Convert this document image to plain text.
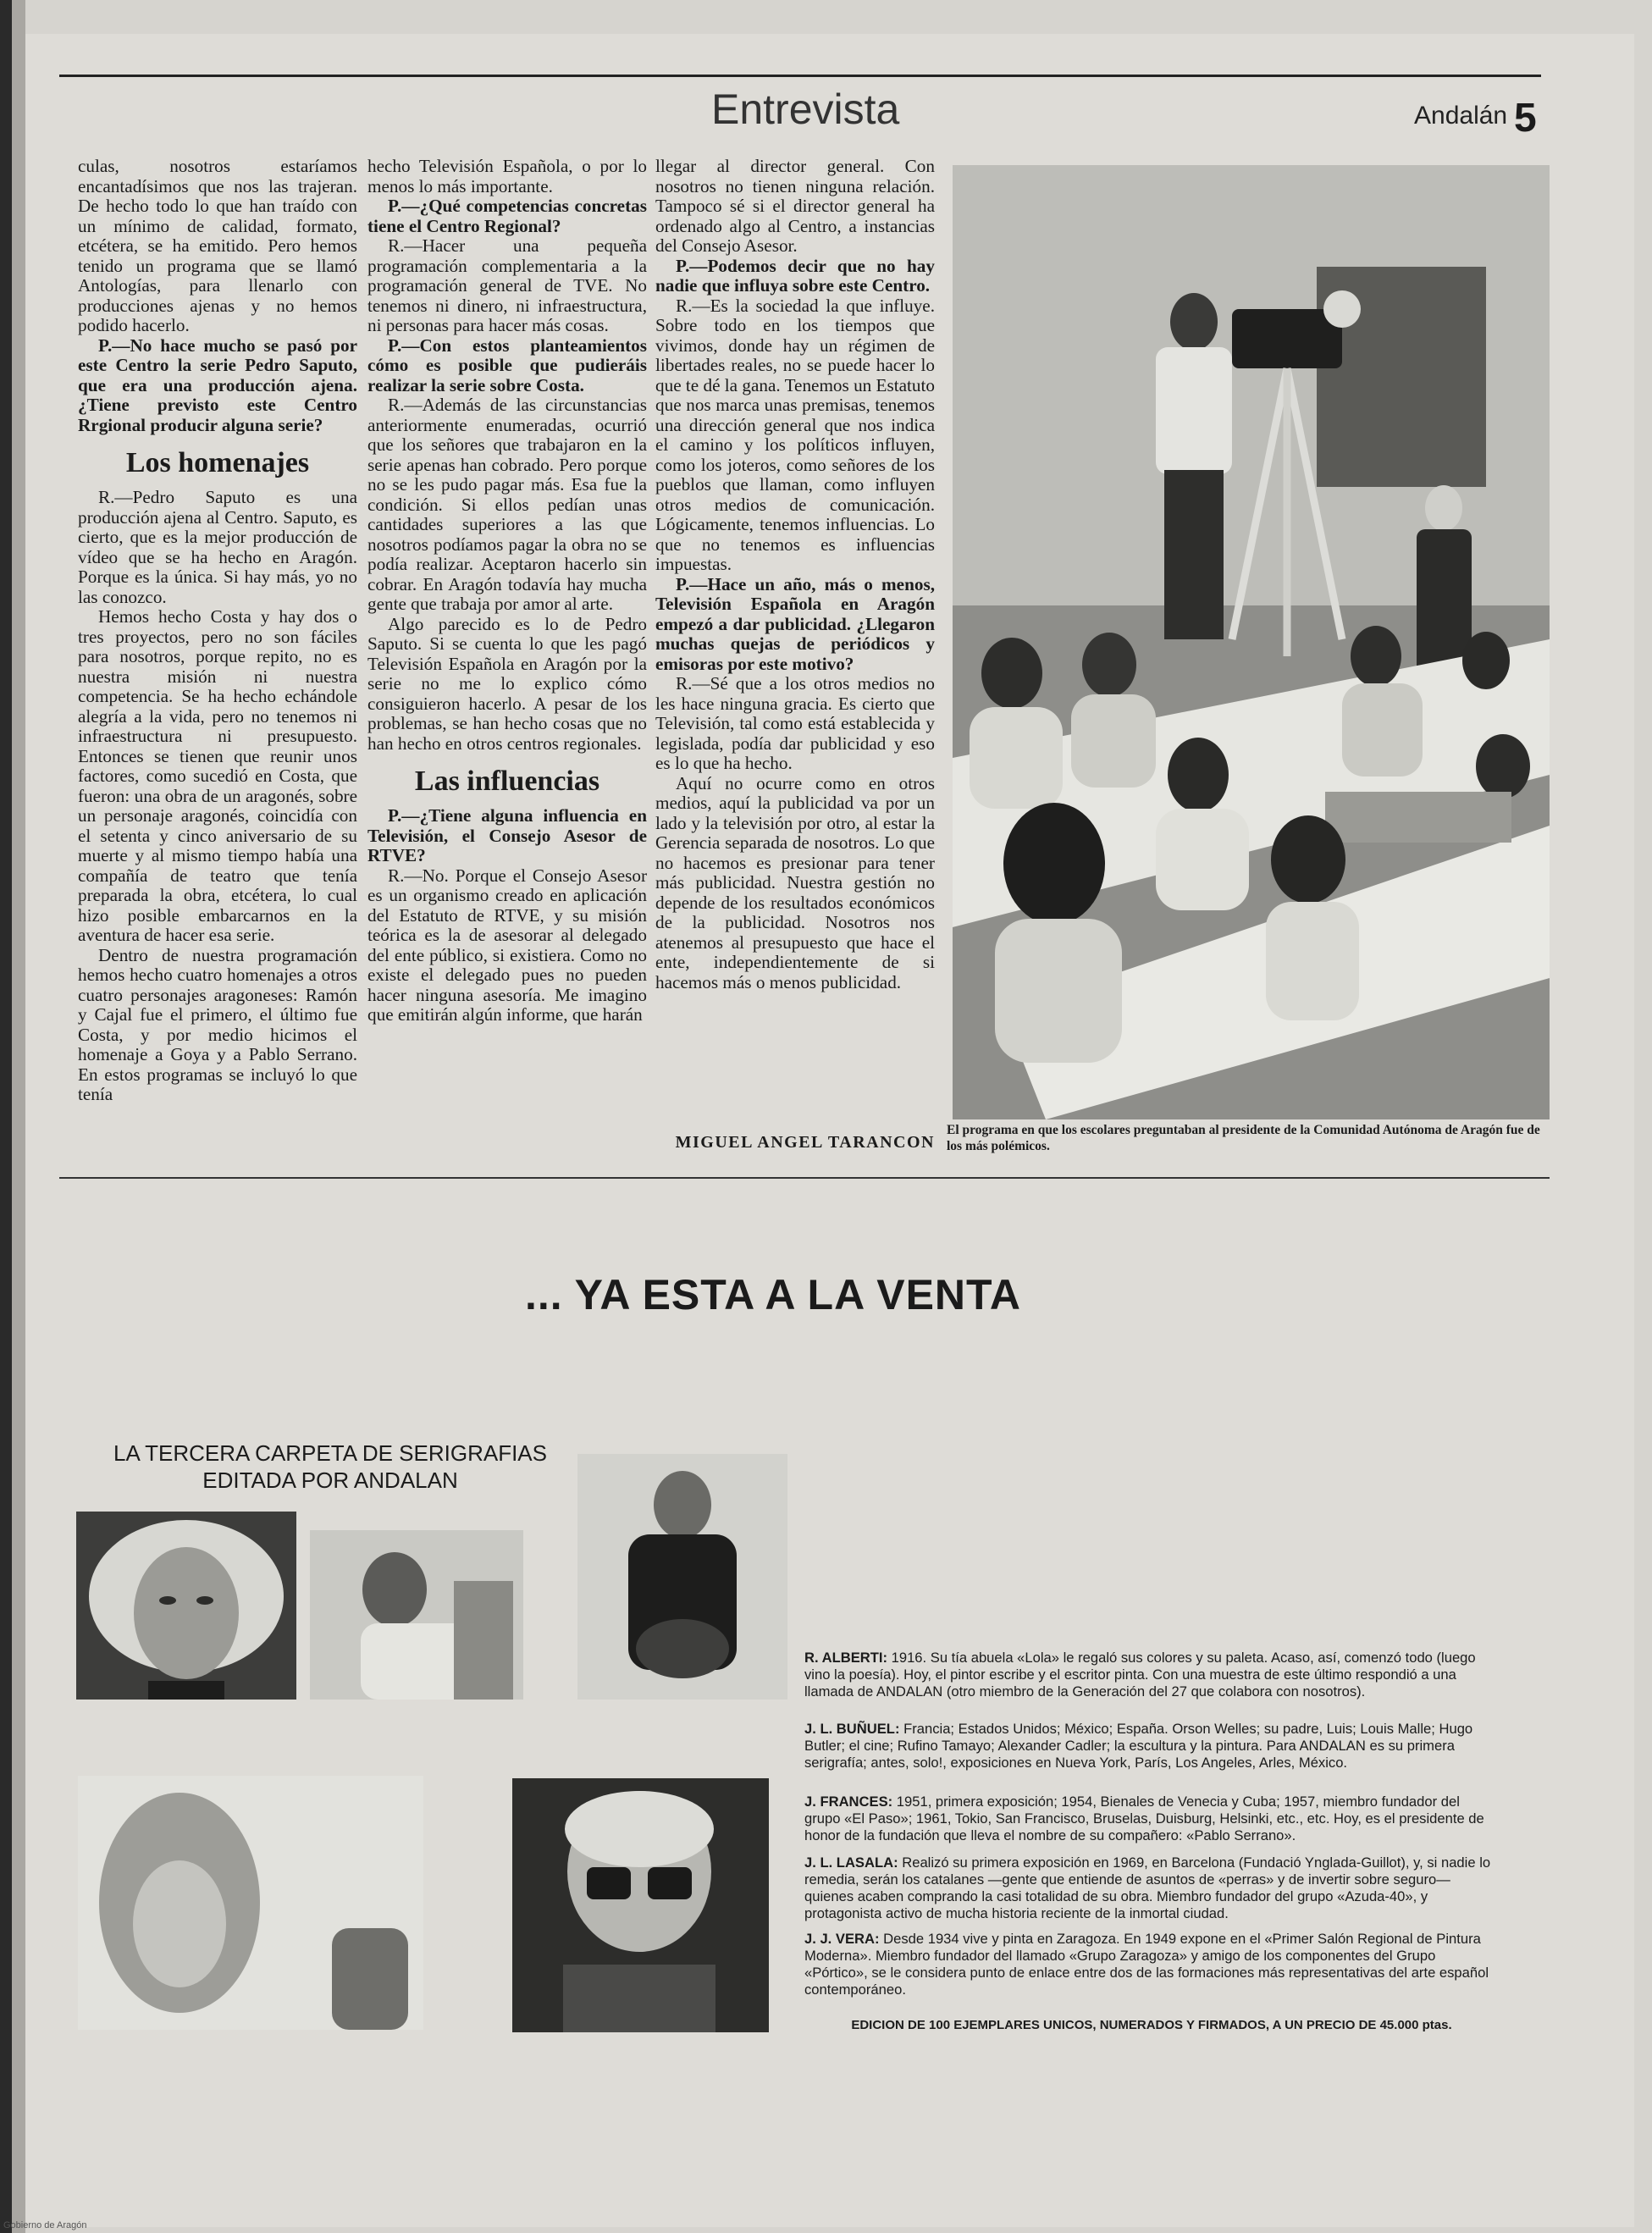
Entrevista	Andalán 5

culas, nosotros estaríamos encantadísimos que nos las trajeran. De hecho todo lo que han traído con un mínimo de calidad, formato, etcétera, se ha emitido. Pero hemos tenido un programa que se llamó Antologías, para llenarlo con producciones ajenas y no hemos podido hacerlo.

P.—No hace mucho se pasó por este Centro la serie Pedro Saputo, que era una producción ajena. ¿Tiene previsto este Centro Rrgional producir alguna serie?

Los homenajes

R.—Pedro Saputo es una producción ajena al Centro. Saputo, es cierto, que es la mejor producción de vídeo que se ha hecho en Aragón. Porque es la única. Si hay más, yo no las conozco.

Hemos hecho Costa y hay dos o tres proyectos, pero no son fáciles para nosotros, porque repito, no es nuestra misión ni nuestra competencia. Se ha hecho echándole alegría a la vida, pero no tenemos ni infraestructura ni presupuesto. Entonces se tienen que reunir unos factores, como sucedió en Costa, que fueron: una obra de un aragonés, sobre un personaje aragonés, coincidía con el setenta y cinco aniversario de su muerte y al mismo tiempo había una compañía de teatro que tenía preparada la obra, etcétera, lo cual hizo posible embarcarnos en la aventura de hacer esa serie.

Dentro de nuestra programación hemos hecho cuatro homenajes a otros cuatro personajes aragoneses: Ramón y Cajal fue el primero, el último fue Costa, y por medio hicimos el homenaje a Goya y a Pablo Serrano. En estos programas se incluyó lo que tenía

hecho Televisión Española, o por lo menos lo más importante.

P.—¿Qué competencias concretas tiene el Centro Regional?

R.—Hacer una pequeña programación complementaria a la programación general de TVE. No tenemos ni dinero, ni infraestructura, ni personas para hacer más cosas.

P.—Con estos planteamientos cómo es posible que pudieráis realizar la serie sobre Costa.

R.—Además de las circunstancias anteriormente enumeradas, ocurrió que los señores que trabajaron en la serie apenas han cobrado. Pero porque no se les pudo pagar más. Esa fue la condición. Si ellos pedían unas cantidades superiores a las que nosotros podíamos pagar la obra no se podía realizar. Aceptaron hacerlo sin cobrar. En Aragón todavía hay mucha gente que trabaja por amor al arte.

Algo parecido es lo de Pedro Saputo. Si se cuenta lo que les pagó Televisión Española en Aragón por la serie no me lo explico cómo consiguieron hacerlo. A pesar de los problemas, se han hecho cosas que no han hecho en otros centros regionales.

Las influencias

P.—¿Tiene alguna influencia en Televisión, el Consejo Asesor de RTVE?

R.—No. Porque el Consejo Asesor es un organismo creado en aplicación del Estatuto de RTVE, y su misión teórica es la de asesorar al delegado del ente público, si existiera. Como no existe el delegado pues no pueden hacer ninguna asesoría. Me imagino que emitirán algún informe, que harán

llegar al director general. Con nosotros no tienen ninguna relación. Tampoco sé si el director general ha ordenado algo al Centro, a instancias del Consejo Asesor.

P.—Podemos decir que no hay nadie que influya sobre este Centro.

R.—Es la sociedad la que influye. Sobre todo en los tiempos que vivimos, donde hay un régimen de libertades reales, no se puede hacer lo que te dé la gana. Tenemos un Estatuto que nos marca unas premisas, tenemos una dirección general que nos indica el camino y los políticos influyen, como los joteros, como señores de los pueblos que llaman, como influyen otros medios de comunicación. Lógicamente, tenemos influencias. Lo que no tenemos es influencias impuestas.

P.—Hace un año, más o menos, Televisión Española en Aragón empezó a dar publicidad. ¿Llegaron muchas quejas de periódicos y emisoras por este motivo?

R.—Sé que a los otros medios no les hace ninguna gracia. Es cierto que Televisión, tal como está establecida y legislada, podía dar publicidad y eso es lo que ha hecho.

Aquí no ocurre como en otros medios, aquí la publicidad va por un lado y la televisión por otro, al estar la Gerencia separada de nosotros. Lo que no hacemos es presionar para tener más publicidad. Nuestra gestión no depende de los resultados económicos de la publicidad. Nosotros nos atenemos al presupuesto que hace el ente, independientemente de si hacemos más o menos publicidad.

MIGUEL ANGEL TARANCON
El programa en que los escolares preguntaban al presidente de la Comunidad Autónoma de Aragón fue de los más polémicos.
... YA ESTA A LA VENTA
LA TERCERA CARPETA DE SERIGRAFIAS
EDITADA POR ANDALAN
R. ALBERTI: 1916. Su tía abuela «Lola» le regaló sus colores y su paleta. Acaso, así, comenzó todo (luego vino la poesía). Hoy, el pintor escribe y el escritor pinta. Con una muestra de este último respondió a una llamada de ANDALAN (otro miembro de la Generación del 27 que colabora con nosotros).
J. L. BUÑUEL: Francia; Estados Unidos; México; España. Orson Welles; su padre, Luis; Louis Malle; Hugo Butler; el cine; Rufino Tamayo; Alexander Cadler; la escultura y la pintura. Para ANDALAN es su primera serigrafía; antes, solo!, exposiciones en Nueva York, París, Los Angeles, Arles, México.
J. FRANCES: 1951, primera exposición; 1954, Bienales de Venecia y Cuba; 1957, miembro fundador del grupo «El Paso»; 1961, Tokio, San Francisco, Bruselas, Duisburg, Helsinki, etc., etc. Hoy, es el presidente de honor de la fundación que lleva el nombre de su compañero: «Pablo Serrano».
J. L. LASALA: Realizó su primera exposición en 1969, en Barcelona (Fundació Ynglada-Guillot), y, si nadie lo remedia, serán los catalanes —gente que entiende de asuntos de «perras» y de invertir sobre seguro— quienes acaben comprando la casi totalidad de su obra. Miembro fundador del grupo «Azuda-40», y protagonista activo de mucha historia reciente de la inmortal ciudad.
J. J. VERA: Desde 1934 vive y pinta en Zaragoza. En 1949 expone en el «Primer Salón Regional de Pintura Moderna». Miembro fundador del llamado «Grupo Zaragoza» y amigo de los componentes del Grupo «Pórtico», se le considera punto de enlace entre dos de las formaciones más representativas del arte español contemporáneo.
EDICION DE 100 EJEMPLARES UNICOS, NUMERADOS Y FIRMADOS, A UN PRECIO DE 45.000 ptas.
Gobierno de Aragón
